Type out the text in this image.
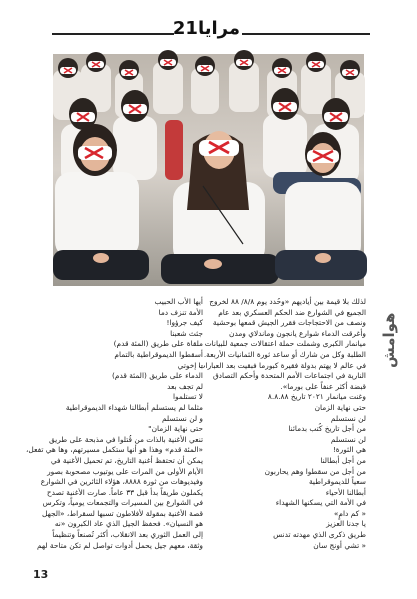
مرايا21

لذلك بلا قيمة بين أياديهم «وحُدد يوم ٨/٨/ ٨٨ لخروج

الجميع في الشوارع ضد الحكم العسكري بعد عام

ونصف من الاحتجاجات فقرر الجيش قمعها بوحشية

وأغرقت الدماء شوارع يانجون وماندلاي ومدن

ميانمار الكبرى وشملت حملة اعتقالات جمعية للبيانات

الطلبة وكل من شارك أو ساعد ثورة الثمانيات الأربعة.

في عالم لا يهتم بدولة فقيرة كبورما فبقيت بعد العبارات

النارية في اجتماعات الأمم المتحدة وأحكم التصادق

قبضة أكثر عنفاً على بورما».

وغنت ميانمار ٢٠٢١ تاريخ ٨.٨.٨٨

حتى نهاية الزمان

لن نستسلم

من أجل تاريخ كُتب بدمائنا

لن نستسلم

هي الثورة!

من أجل أبطالنا

من أجل من سقطوا وهم يحاربون

سعياً للديموقراطية

أبطالنا الأحياء

في الأمة التي يسكنها الشهداء

« كم دامٍ»

يا جدنا العزيز

طريق ذكرى الذي مهدته تدنس

« تشي أونج سان

أيها الأب الحبيب

الأمة تنزف دما

كيف جرؤوا!

جثث شعبنا

ملقاة على طريق (المئة قدم)

أسقطوا الديموقراطية بالتمام

با إخوتي

الدماء على طريق (المئة قدم)

لم تجف بعد

لا تستلموا

مثلما لم يستسلم أبطالنا شهداء الديموقراطية

و لن نستسلم

حتى نهاية الزمان"

تنعي الأغنية بالذات من قُتلوا في مذبحة على طريق

«المئة قدم» وهذا هو أنها ستكمل مسيرتهم، وها هي تفعل،

يمكن أن تحتفظ أغنية التاريخ، تم تحميل الأغنية في

الأيام الأولى من المرات على يوتيوب مصحوبة بصور

وفيديوهات من ثورة ٨٨٨٨، هؤلاء الثائرين في الشوارع

يكملون طريقاً بدأ قبل ٣٣ عاماً. صارت الأغنية تصدح

في الشوارع بين المسيرات والتجمعات يومياً، وتكرس

قصة الأغنية بمقولة لأفلاطون تسبها لسقراط، «الجهل

هو النسيان». فحفظ الجيل الذي عاد الكبرون «نه

إلى العمل الثوري بعد الانقلاب، أكثر تُصنعاً وتنظيماً

وثقة، معهم جيل يحمل أدوات تواصل لم تكن متاحة لهم

هوامش
13
